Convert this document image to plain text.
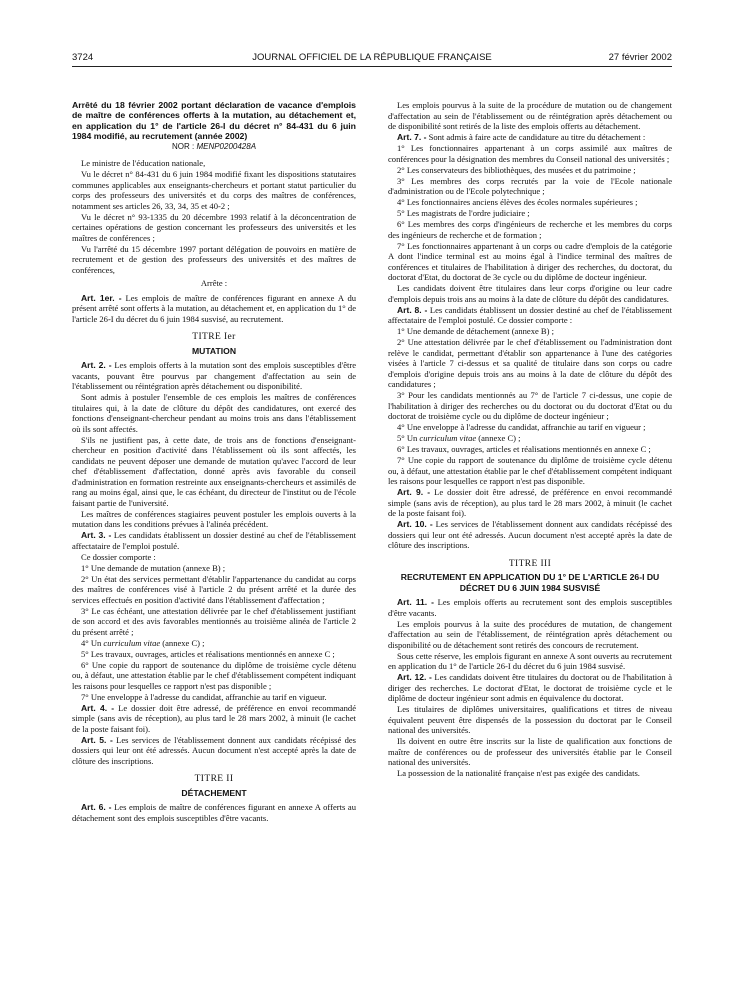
3724	JOURNAL OFFICIEL DE LA RÉPUBLIQUE FRANÇAISE	27 février 2002

Arrêté du 18 février 2002 portant déclaration de vacance d'emplois de maître de conférences offerts à la mutation, au détachement et, en application du 1° de l'article 26-I du décret n° 84-431 du 6 juin 1984 modifié, au recrutement (année 2002)

NOR : MENP0200428A

Le ministre de l'éducation nationale,

Vu le décret n° 84-431 du 6 juin 1984 modifié fixant les dispositions statutaires communes applicables aux enseignants-chercheurs et portant statut particulier du corps des professeurs des universités et du corps des maîtres de conférences, notamment ses articles 26, 33, 34, 35 et 40-2 ;

Vu le décret n° 93-1335 du 20 décembre 1993 relatif à la déconcentration de certaines opérations de gestion concernant les professeurs des universités et les maîtres de conférences ;

Vu l'arrêté du 15 décembre 1997 portant délégation de pouvoirs en matière de recrutement et de gestion des professeurs des universités et des maîtres de conférences,

Arrête :

Art. 1er. - Les emplois de maître de conférences figurant en annexe A du présent arrêté sont offerts à la mutation, au détachement et, en application du 1° de l'article 26-I du décret du 6 juin 1984 susvisé, au recrutement.

TITRE Ier
MUTATION

Art. 2. - Les emplois offerts à la mutation sont des emplois susceptibles d'être vacants, pouvant être pourvus par changement d'affectation au sein de l'établissement ou réintégration après détachement ou disponibilité.

Sont admis à postuler l'ensemble de ces emplois les maîtres de conférences titulaires qui, à la date de clôture du dépôt des candidatures, ont exercé des fonctions d'enseignant-chercheur pendant au moins trois ans dans l'établissement où ils sont affectés.

S'ils ne justifient pas, à cette date, de trois ans de fonctions d'enseignant-chercheur en position d'activité dans l'établissement où ils sont affectés, les candidats ne peuvent déposer une demande de mutation qu'avec l'accord de leur chef d'établissement d'affectation, donné après avis favorable du conseil d'administration en formation restreinte aux enseignants-chercheurs et assimilés de rang au moins égal, ainsi que, le cas échéant, du directeur de l'institut ou de l'école faisant partie de l'université.

Les maîtres de conférences stagiaires peuvent postuler les emplois ouverts à la mutation dans les conditions prévues à l'alinéa précédent.

Art. 3. - Les candidats établissent un dossier destiné au chef de l'établissement affectataire de l'emploi postulé.

Ce dossier comporte :

1° Une demande de mutation (annexe B) ;

2° Un état des services permettant d'établir l'appartenance du candidat au corps des maîtres de conférences visé à l'article 2 du présent arrêté et la durée des services effectués en position d'activité dans l'établissement d'affectation ;

3° Le cas échéant, une attestation délivrée par le chef d'établissement justifiant de son accord et des avis favorables mentionnés au troisième alinéa de l'article 2 du présent arrêté ;

4° Un curriculum vitae (annexe C) ;

5° Les travaux, ouvrages, articles et réalisations mentionnés en annexe C ;

6° Une copie du rapport de soutenance du diplôme de troisième cycle détenu ou, à défaut, une attestation établie par le chef d'établissement compétent indiquant les raisons pour lesquelles ce rapport n'est pas disponible ;

7° Une enveloppe à l'adresse du candidat, affranchie au tarif en vigueur.

Art. 4. - Le dossier doit être adressé, de préférence en envoi recommandé simple (sans avis de réception), au plus tard le 28 mars 2002, à minuit (le cachet de la poste faisant foi).

Art. 5. - Les services de l'établissement donnent aux candidats récépissé des dossiers qui leur ont été adressés. Aucun document n'est accepté après la date de clôture des inscriptions.

TITRE II
DÉTACHEMENT

Art. 6. - Les emplois de maître de conférences figurant en annexe A offerts au détachement sont des emplois susceptibles d'être vacants.

Les emplois pourvus à la suite de la procédure de mutation ou de changement d'affectation au sein de l'établissement ou de réintégration après détachement ou de disponibilité sont retirés de la liste des emplois offerts au détachement.

Art. 7. - Sont admis à faire acte de candidature au titre du détachement :

1° Les fonctionnaires appartenant à un corps assimilé aux maîtres de conférences pour la désignation des membres du Conseil national des universités ;

2° Les conservateurs des bibliothèques, des musées et du patrimoine ;

3° Les membres des corps recrutés par la voie de l'Ecole nationale d'administration ou de l'Ecole polytechnique ;

4° Les fonctionnaires anciens élèves des écoles normales supérieures ;

5° Les magistrats de l'ordre judiciaire ;

6° Les membres des corps d'ingénieurs de recherche et les membres du corps des ingénieurs de recherche et de formation ;

7° Les fonctionnaires appartenant à un corps ou cadre d'emplois de la catégorie A dont l'indice terminal est au moins égal à l'indice terminal des maîtres de conférences et titulaires de l'habilitation à diriger des recherches, du doctorat, du doctorat d'Etat, du doctorat de 3e cycle ou du diplôme de docteur ingénieur.

Les candidats doivent être titulaires dans leur corps d'origine ou leur cadre d'emplois depuis trois ans au moins à la date de clôture du dépôt des candidatures.

Art. 8. - Les candidats établissent un dossier destiné au chef de l'établissement affectataire de l'emploi postulé. Ce dossier comporte :

1° Une demande de détachement (annexe B) ;

2° Une attestation délivrée par le chef d'établissement ou l'administration dont relève le candidat, permettant d'établir son appartenance à l'une des catégories visées à l'article 7 ci-dessus et sa qualité de titulaire dans son corps ou cadre d'emplois d'origine depuis trois ans au moins à la date de clôture du dépôt des candidatures ;

3° Pour les candidats mentionnés au 7° de l'article 7 ci-dessus, une copie de l'habilitation à diriger des recherches ou du doctorat ou du doctorat d'Etat ou du doctorat de troisième cycle ou du diplôme de docteur ingénieur ;

4° Une enveloppe à l'adresse du candidat, affranchie au tarif en vigueur ;

5° Un curriculum vitae (annexe C) ;

6° Les travaux, ouvrages, articles et réalisations mentionnés en annexe C ;

7° Une copie du rapport de soutenance du diplôme de troisième cycle détenu ou, à défaut, une attestation établie par le chef d'établissement compétent indiquant les raisons pour lesquelles ce rapport n'est pas disponible.

Art. 9. - Le dossier doit être adressé, de préférence en envoi recommandé simple (sans avis de réception), au plus tard le 28 mars 2002, à minuit (le cachet de la poste faisant foi).

Art. 10. - Les services de l'établissement donnent aux candidats récépissé des dossiers qui leur ont été adressés. Aucun document n'est accepté après la date de clôture des inscriptions.

TITRE III
RECRUTEMENT EN APPLICATION DU 1° DE L'ARTICLE 26-I DU DÉCRET DU 6 JUIN 1984 SUSVISÉ

Art. 11. - Les emplois offerts au recrutement sont des emplois susceptibles d'être vacants.

Les emplois pourvus à la suite des procédures de mutation, de changement d'affectation au sein de l'établissement, de réintégration après détachement ou disponibilité ou de détachement sont retirés des concours de recrutement.

Sous cette réserve, les emplois figurant en annexe A sont ouverts au recrutement en application du 1° de l'article 26-I du décret du 6 juin 1984 susvisé.

Art. 12. - Les candidats doivent être titulaires du doctorat ou de l'habilitation à diriger des recherches. Le doctorat d'Etat, le doctorat de troisième cycle et le diplôme de docteur ingénieur sont admis en équivalence du doctorat.

Les titulaires de diplômes universitaires, qualifications et titres de niveau équivalent peuvent être dispensés de la possession du doctorat par le Conseil national des universités.

Ils doivent en outre être inscrits sur la liste de qualification aux fonctions de maître de conférences ou de professeur des universités établie par le Conseil national des universités.

La possession de la nationalité française n'est pas exigée des candidats.
